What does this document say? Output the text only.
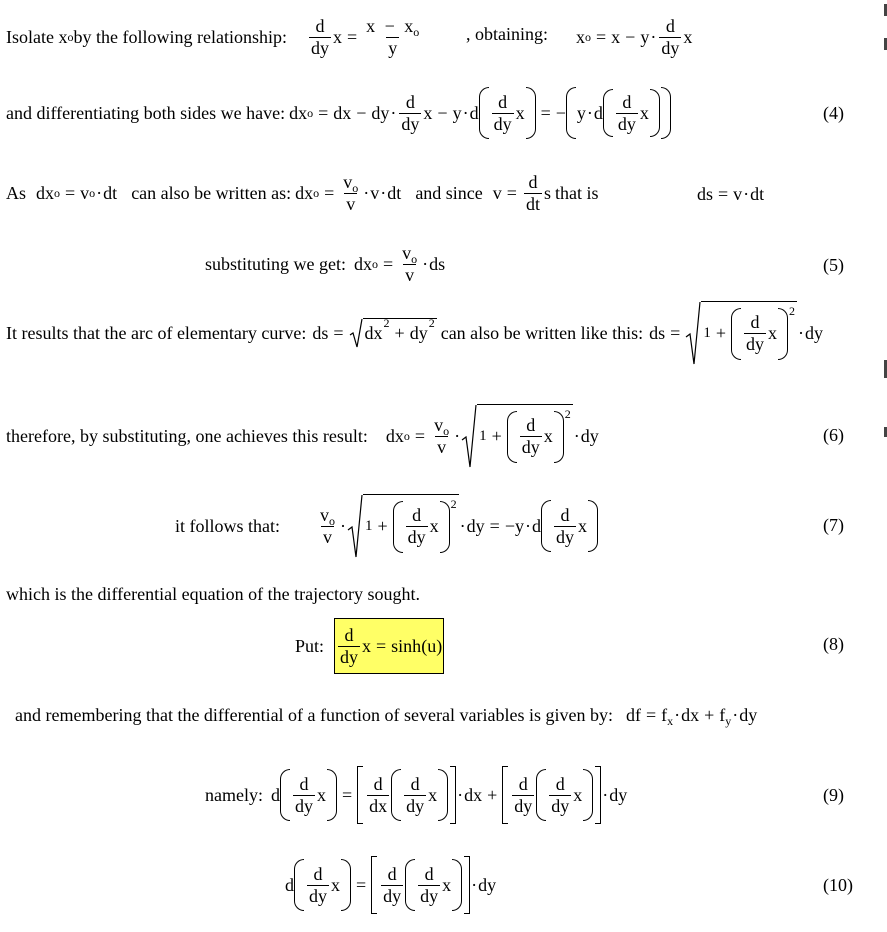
Isolate x o by the following relationship: $\frac{d}{dy}$ $x = \frac{x - x_o}{y}$ , obtaining: x $o = x - y \cdot \frac{d}{dy}$ x
and differentiating both sides we have: dx o = dx − dy · $\frac{d}{dy}$ x − y · d $\frac{d}{dy}$ x = − y · d $\frac{d}{dy}$ x	(4)
As dx o = v o · dt can also be written as: dx $o = \frac{v_o}{v} \cdot v$ · dt and since $v = \frac{d}{dt}$ s that is	ds = v·dt
substituting we get: dx $o = \frac{v_o}{v}$ · ds	(5)
It results that the arc of elementary curve: ds = dx 2 + dy 2 can also be written like this: ds = $1 + \frac{d}{dy}$ x
2
· dy
therefore, by substituting, one achieves this result: dx $o = \frac{v_o}{v} \cdot 1 + \frac{d}{dy}$ x
2
· dy	(6)
it follows that: $\frac{v_o}{v} \cdot 1 + \frac{d}{dy}$ x
2
· dy = − y · d $\frac{d}{dy}$ x	(7)
which is the differential equation of the trajectory sought.
Put: $\frac{d}{dy}$ x = sinh ( u )	(8)
and remembering that the differential of a function of several variables is given by: df = $f_x\cdot dx + f_y\cdot dy$
namely: d $\frac{d}{dy}$ $x = \frac{d}{dx} \frac{d}{dy}$ x · dx + $\frac{d}{dy} \frac{d}{dy}$ x · dy	(9)
d $\frac{d}{dy}$ $x = \frac{d}{dy} \frac{d}{dy}$ x · dy	(10)
